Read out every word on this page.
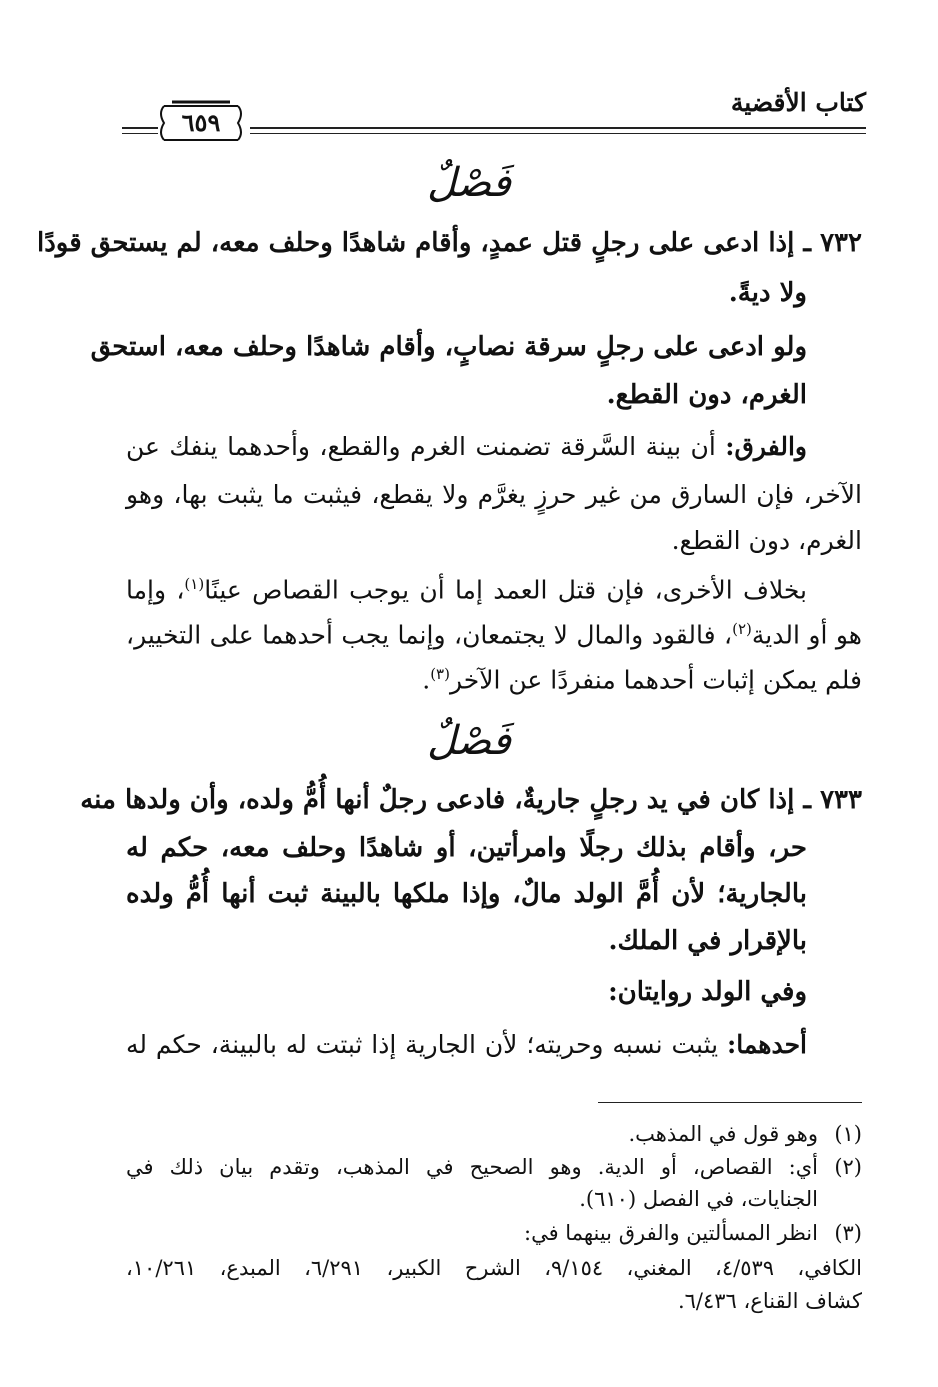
كتاب الأقضية
٦٥٩
فَصْلٌ
٧٣٢ ـ إذا ادعى على رجلٍ قتل عمدٍ، وأقام شاهدًا وحلف معه، لم يستحق قودًا
ولا ديةً.
ولو ادعى على رجلٍ سرقة نصابٍ، وأقام شاهدًا وحلف معه، استحق
الغرم، دون القطع.
والفرق: أن بينة السَّرقة تضمنت الغرم والقطع، وأحدهما ينفك عن
الآخر، فإن السارق من غير حرزٍ يغرَّم ولا يقطع، فيثبت ما يثبت بها، وهو
الغرم، دون القطع.
بخلاف الأخرى، فإن قتل العمد إما أن يوجب القصاص عينًا$^{(١)}$، وإما
هو أو الدية$^{(٢)}$، فالقود والمال لا يجتمعان، وإنما يجب أحدهما على التخيير،
فلم يمكن إثبات أحدهما منفردًا عن الآخر$^{(٣)}$.
فَصْلٌ
٧٣٣ ـ إذا كان في يد رجلٍ جاريةٌ، فادعى رجلٌ أنها أُمُّ ولده، وأن ولدها منه
حر، وأقام بذلك رجلًا وامرأتين، أو شاهدًا وحلف معه، حكم له
بالجارية؛ لأن أُمَّ الولد مالٌ، وإذا ملكها بالبينة ثبت أنها أُمُّ ولده
بالإقرار في الملك.
وفي الولد روايتان:
أحدهما: يثبت نسبه وحريته؛ لأن الجارية إذا ثبتت له بالبينة، حكم له
(١)وهو قول في المذهب.
(٢)أي: القصاص، أو الدية. وهو الصحيح في المذهب، وتقدم بيان ذلك في
الجنايات، في الفصل (٦١٠).
(٣)انظر المسألتين والفرق بينهما في:
الكافي، ٤/٥٣٩، المغني، ٩/١٥٤، الشرح الكبير، ٦/٢٩١، المبدع، ١٠/٢٦١،
كشاف القناع، ٦/٤٣٦.
